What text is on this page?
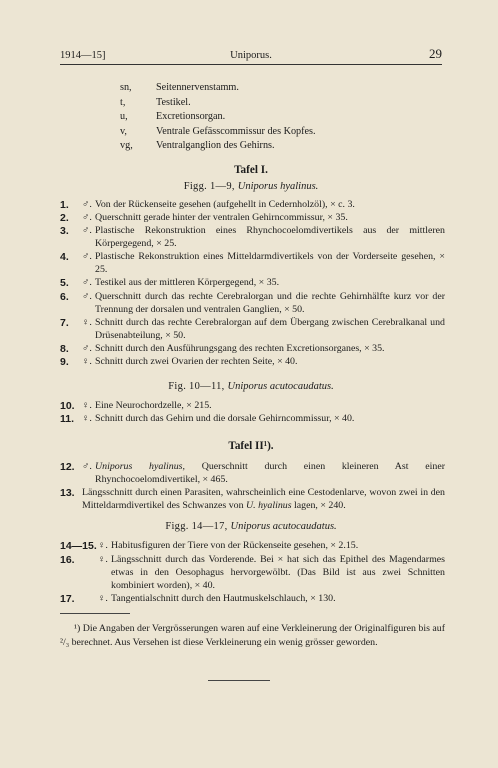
1914—15]	Uniporus.	29
sn,	Seitennervenstamm.
t,	Testikel.
u,	Excretionsorgan.
v,	Ventrale Gefässcommissur des Kopfes.
vg,	Ventralganglion des Gehirns.
Tafel I.
Figg. 1—9, Uniporus hyalinus.
1.	♂. Von der Rückenseite gesehen (aufgehellt in Cedernholzöl), × c. 3.
2.	♂. Querschnitt gerade hinter der ventralen Gehirncommissur, × 35.
3.	♂. Plastische Rekonstruktion eines Rhynchocoelomdivertikels aus der mittleren Körpergegend, × 25.
4.	♂. Plastische Rekonstruktion eines Mitteldarmdivertikels von der Vorderseite gesehen, × 25.
5.	♂. Testikel aus der mittleren Körpergegend, × 35.
6.	♂. Querschnitt durch das rechte Cerebralorgan und die rechte Gehirnhälfte kurz vor der Trennung der dorsalen und ventralen Ganglien, × 50.
7.	♀. Schnitt durch das rechte Cerebralorgan auf dem Übergang zwischen Cerebralkanal und Drüsenabteilung, × 50.
8.	♂. Schnitt durch den Ausführungsgang des rechten Excretionsorganes, × 35.
9.	♀. Schnitt durch zwei Ovarien der rechten Seite, × 40.
Fig. 10—11, Uniporus acutocaudatus.
10. ♀. Eine Neurochordzelle, × 215.
11. ♀. Schnitt durch das Gehirn und die dorsale Gehirncommissur, × 40.
Tafel II¹).
12. ♂. Uniporus hyalinus, Querschnitt durch einen kleineren Ast einer Rhynchocoelomdivertikel, × 465.
13. Längsschnitt durch einen Parasiten, wahrscheinlich eine Cestodenlarve, wovon zwei in den Mitteldarmdivertikel des Schwanzes von U. hyalinus lagen, × 240.
Figg. 14—17, Uniporus acutocaudatus.
14—15. ♀. Habitusfiguren der Tiere von der Rückenseite gesehen, × 2.15.
16.	♀. Längsschnitt durch das Vorderende. Bei × hat sich das Epithel des Magendarmes etwas in den Oesophagus hervorgewölbt. (Das Bild ist aus zwei Schnitten kombiniert worden), × 40.
17.	♀. Tangentialschnitt durch den Hautmuskelschlauch, × 130.
¹) Die Angaben der Vergrösserungen waren auf eine Verkleinerung der Originalfiguren bis auf ²/₃ berechnet. Aus Versehen ist diese Verkleinerung ein wenig grösser geworden.
